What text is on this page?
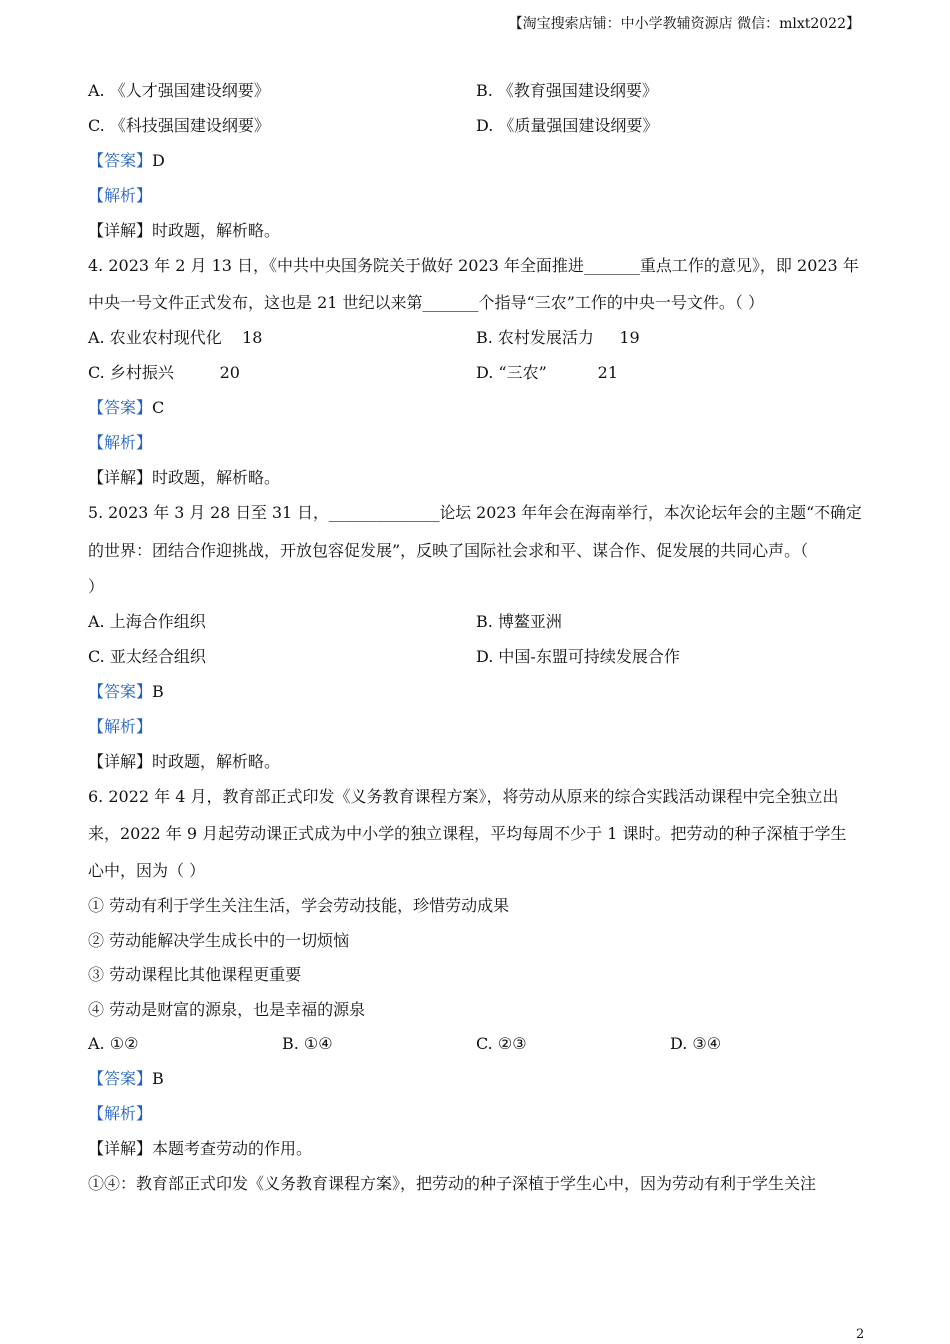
【淘宝搜索店铺：中小学教辅资源店 微信：mlxt2022】
A. 《人才强国建设纲要》	B. 《教育强国建设纲要》
C. 《科技强国建设纲要》	D. 《质量强国建设纲要》
【答案】D
【解析】
【详解】时政题，解析略。
4. 2023 年 2 月 13 日，《中共中央国务院关于做好 2023 年全面推进_______重点工作的意见》，即 2023 年
中央一号文件正式发布，这也是 21 世纪以来第_______个指导“三农”工作的中央一号文件。（ ）
A. 农业农村现代化    18	B. 农村发展活力     19
C. 乡村振兴         20	D. “三农”          21
【答案】C
【解析】
【详解】时政题，解析略。
5. 2023 年 3 月 28 日至 31 日，______________论坛 2023 年年会在海南举行，本次论坛年会的主题“不确定
的世界：团结合作迎挑战，开放包容促发展”，反映了国际社会求和平、谋合作、促发展的共同心声。（
）
A. 上海合作组织	B. 博鳌亚洲
C. 亚太经合组织	D. 中国-东盟可持续发展合作
【答案】B
【解析】
【详解】时政题，解析略。
6. 2022 年 4 月，教育部正式印发《义务教育课程方案》，将劳动从原来的综合实践活动课程中完全独立出
来，2022 年 9 月起劳动课正式成为中小学的独立课程，平均每周不少于 1 课时。把劳动的种子深植于学生
心中，因为（ ）
① 劳动有利于学生关注生活，学会劳动技能，珍惜劳动成果
② 劳动能解决学生成长中的一切烦恼
③ 劳动课程比其他课程更重要
④ 劳动是财富的源泉，也是幸福的源泉
A. ①②	B. ①④	C. ②③	D. ③④
【答案】B
【解析】
【详解】本题考查劳动的作用。
①④：教育部正式印发《义务教育课程方案》，把劳动的种子深植于学生心中，因为劳动有利于学生关注
2
